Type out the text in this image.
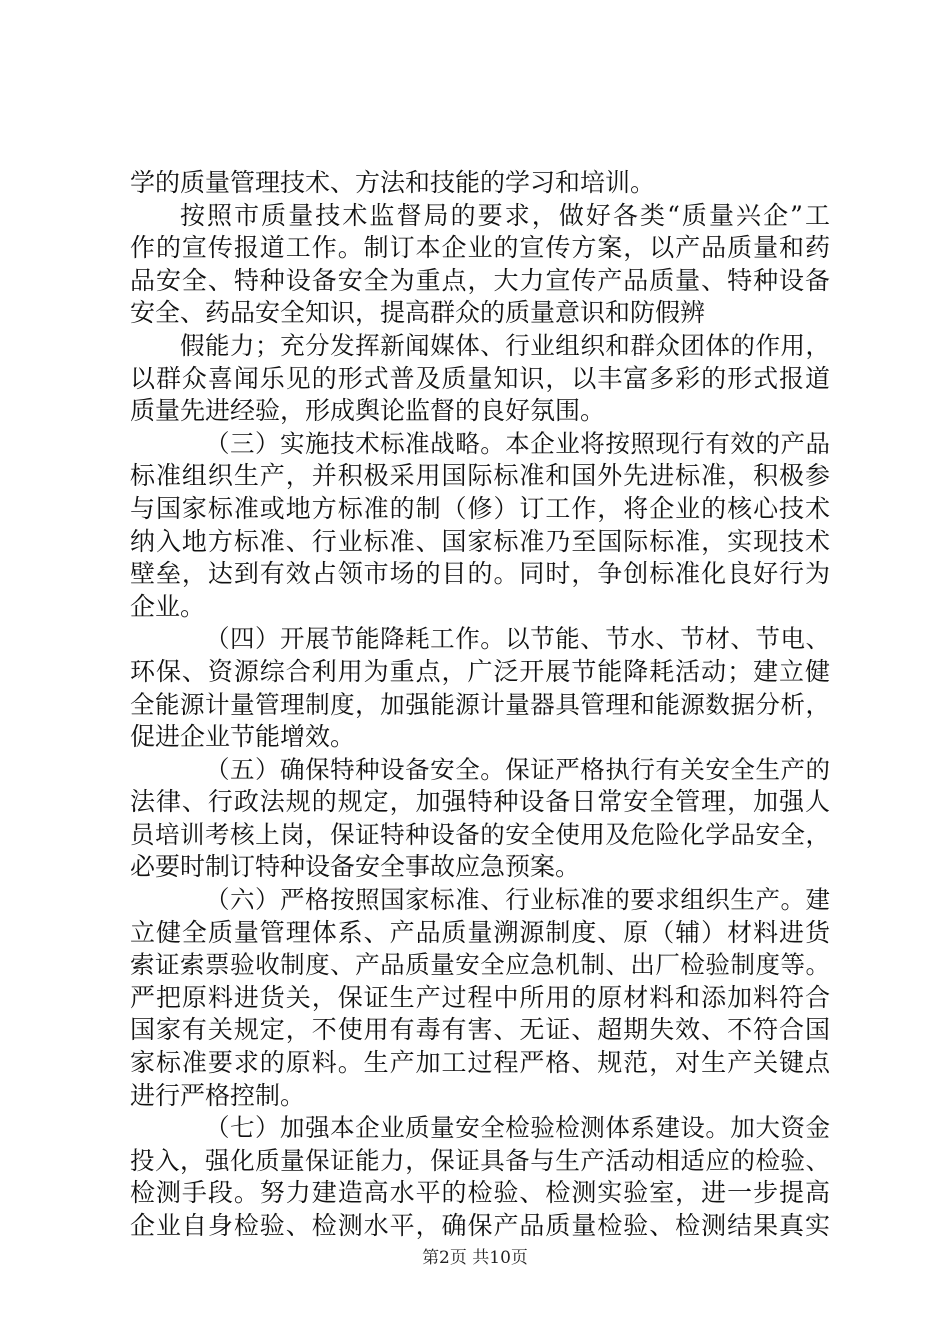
学的质量管理技术、方法和技能的学习和培训。
按照市质量技术监督局的要求，做好各类“质量兴企”工
作的宣传报道工作。制订本企业的宣传方案，以产品质量和药
品安全、特种设备安全为重点，大力宣传产品质量、特种设备
安全、药品安全知识，提高群众的质量意识和防假辨
假能力；充分发挥新闻媒体、行业组织和群众团体的作用，
以群众喜闻乐见的形式普及质量知识，以丰富多彩的形式报道
质量先进经验，形成舆论监督的良好氛围。
（三）实施技术标准战略。本企业将按照现行有效的产品
标准组织生产，并积极采用国际标准和国外先进标准，积极参
与国家标准或地方标准的制（修）订工作，将企业的核心技术
纳入地方标准、行业标准、国家标准乃至国际标准，实现技术
壁垒，达到有效占领市场的目的。同时，争创标准化良好行为
企业。
（四）开展节能降耗工作。以节能、节水、节材、节电、
环保、资源综合利用为重点，广泛开展节能降耗活动；建立健
全能源计量管理制度，加强能源计量器具管理和能源数据分析，
促进企业节能增效。
（五）确保特种设备安全。保证严格执行有关安全生产的
法律、行政法规的规定，加强特种设备日常安全管理，加强人
员培训考核上岗，保证特种设备的安全使用及危险化学品安全，
必要时制订特种设备安全事故应急预案。
（六）严格按照国家标准、行业标准的要求组织生产。建
立健全质量管理体系、产品质量溯源制度、原（辅）材料进货
索证索票验收制度、产品质量安全应急机制、出厂检验制度等。
严把原料进货关，保证生产过程中所用的原材料和添加料符合
国家有关规定，不使用有毒有害、无证、超期失效、不符合国
家标准要求的原料。生产加工过程严格、规范，对生产关键点
进行严格控制。
（七）加强本企业质量安全检验检测体系建设。加大资金
投入，强化质量保证能力，保证具备与生产活动相适应的检验、
检测手段。努力建造高水平的检验、检测实验室，进一步提高
企业自身检验、检测水平，确保产品质量检验、检测结果真实
第2页 共10页
